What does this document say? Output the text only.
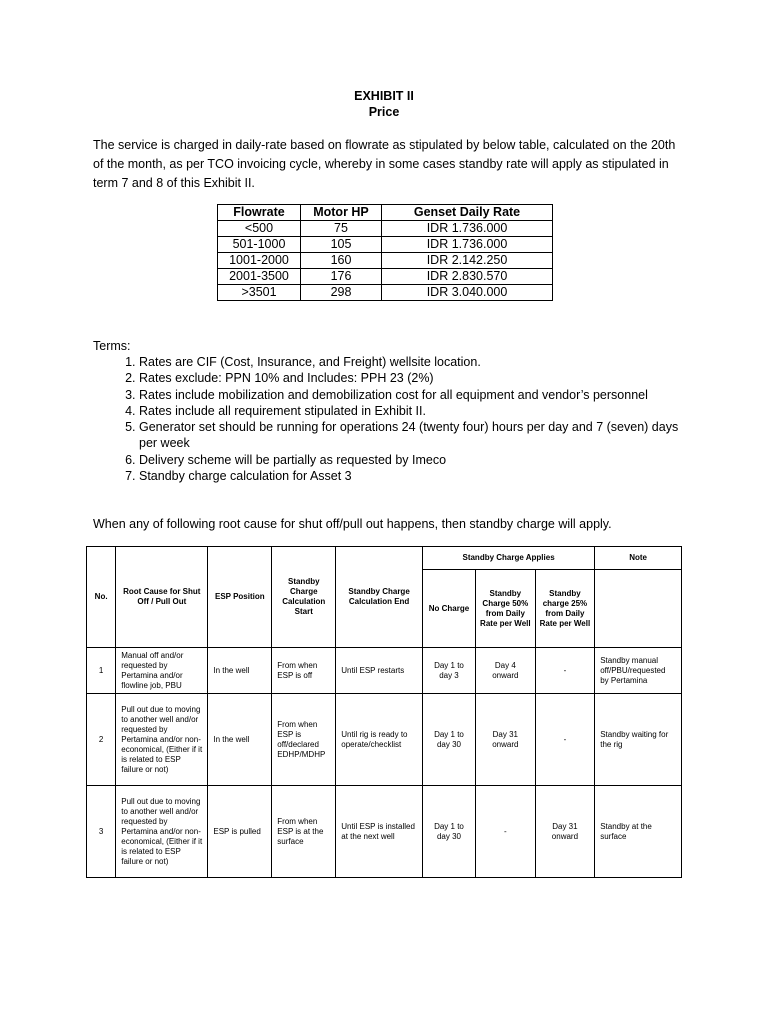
EXHIBIT II
Price

The service is charged in daily-rate based on flowrate as stipulated by below table, calculated on the 20th of the month, as per TCO invoicing cycle, whereby in some cases standby rate will apply as stipulated in term 7 and 8 of this Exhibit II.

Flowrate	Motor HP	Genset Daily Rate
<500	75	IDR 1.736.000
501-1000	105	IDR 1.736.000
1001-2000	160	IDR 2.142.250
2001-3500	176	IDR 2.830.570
>3501	298	IDR 3.040.000
Terms:
1. Rates are CIF (Cost, Insurance, and Freight) wellsite location.
2. Rates exclude: PPN 10% and Includes: PPH 23 (2%)
3. Rates include mobilization and demobilization cost for all equipment and vendor’s personnel
4. Rates include all requirement stipulated in Exhibit II.
5. Generator set should be running for operations 24 (twenty four) hours per day and 7 (seven) days per week
6. Delivery scheme will be partially as requested by Imeco
7. Standby charge calculation for Asset 3
When any of following root cause for shut off/pull out happens, then standby charge will apply.
No.	Root Cause for Shut Off / Pull Out	ESP Position	Standby Charge Calculation Start	Standby Charge Calculation End	Standby Charge Applies			Note
					No Charge	Standby Charge 50% from Daily Rate per Well	Standby charge 25% from Daily Rate per Well	
1	Manual off and/or requested by Pertamina and/or flowline job, PBU	In the well	From when ESP is off	Until ESP restarts	Day 1 to day 3	Day 4 onward	-	Standby manual off/PBU/requested by Pertamina
2	Pull out due to moving to another well and/or requested by Pertamina and/or non-economical, (Either if it is related to ESP failure or not)	In the well	From when ESP is off/declared EDHP/MDHP	Until rig is ready to operate/checklist	Day 1 to day 30	Day 31 onward	-	Standby waiting for the rig
3	Pull out due to moving to another well and/or requested by Pertamina and/or non-economical, (Either if it is related to ESP failure or not)	ESP is pulled	From when ESP is at the surface	Until ESP is installed at the next well	Day 1 to day 30	-	Day 31 onward	Standby at the surface
